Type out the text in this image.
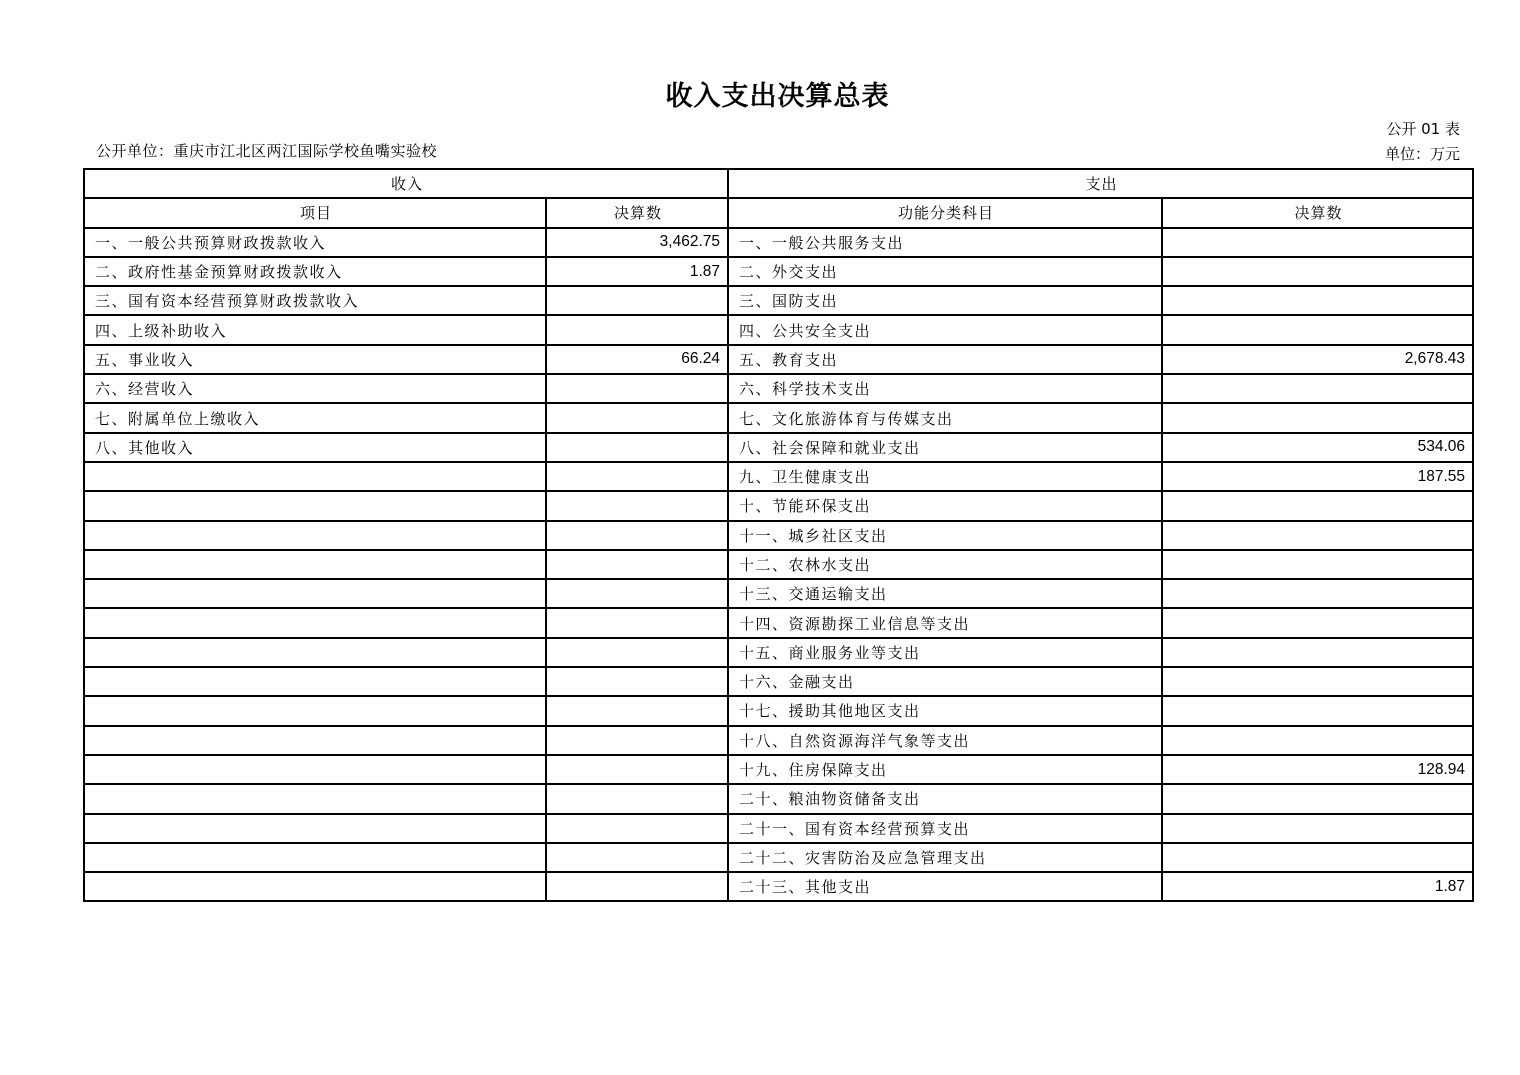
收入支出决算总表
公开单位：重庆市江北区两江国际学校鱼嘴实验校
公开 01 表
单位：万元
收入		支出	
项目	决算数	功能分类科目	决算数
一、一般公共预算财政拨款收入	3,462.75	一、一般公共服务支出	
二、政府性基金预算财政拨款收入	1.87	二、外交支出	
三、国有资本经营预算财政拨款收入		三、国防支出	
四、上级补助收入		四、公共安全支出	
五、事业收入	66.24	五、教育支出	2,678.43
六、经营收入		六、科学技术支出	
七、附属单位上缴收入		七、文化旅游体育与传媒支出	
八、其他收入		八、社会保障和就业支出	534.06
		九、卫生健康支出	187.55
		十、节能环保支出	
		十一、城乡社区支出	
		十二、农林水支出	
		十三、交通运输支出	
		十四、资源勘探工业信息等支出	
		十五、商业服务业等支出	
		十六、金融支出	
		十七、援助其他地区支出	
		十八、自然资源海洋气象等支出	
		十九、住房保障支出	128.94
		二十、粮油物资储备支出	
		二十一、国有资本经营预算支出	
		二十二、灾害防治及应急管理支出	
		二十三、其他支出	1.87
